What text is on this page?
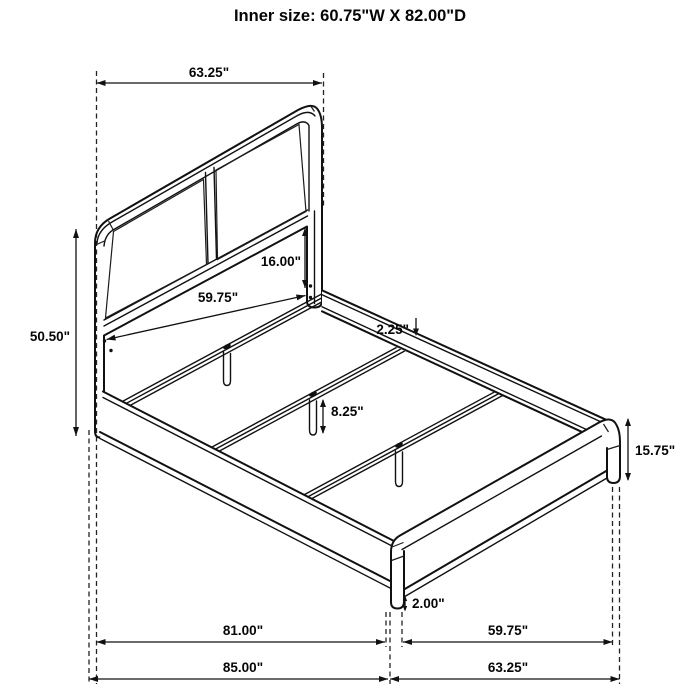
Inner size: 60.75"W X 82.00"D
63.25"
50.50"
16.00"
59.75"
2.25"
8.25"
15.75"
2.00"
81.00"	59.75"
85.00"	63.25"
